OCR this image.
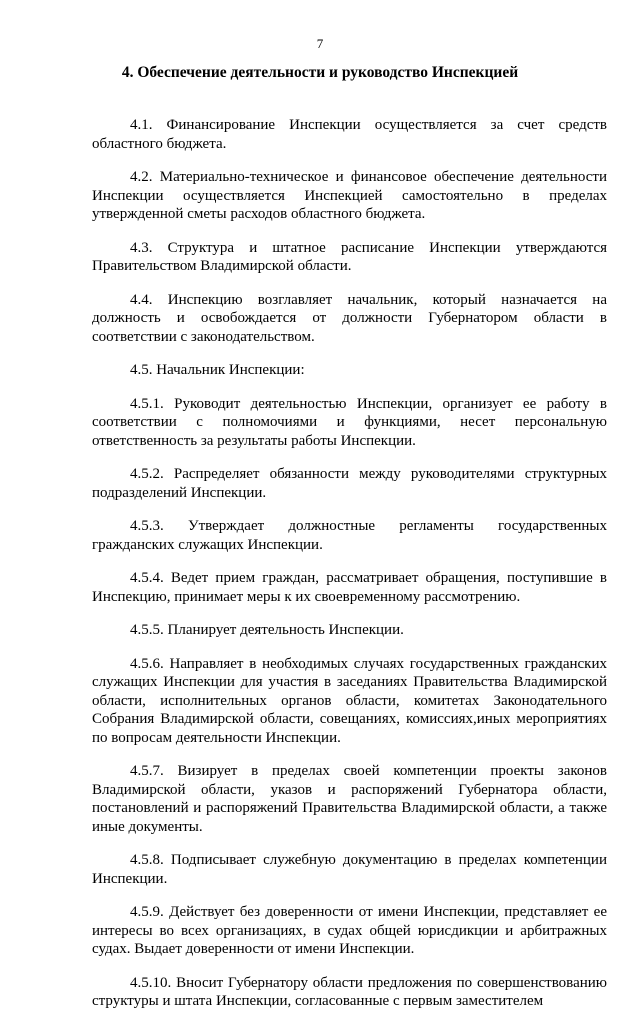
7
4. Обеспечение деятельности и руководство Инспекцией

4.1. Финансирование Инспекции осуществляется за счет средств областного бюджета.

4.2. Материально-техническое и финансовое обеспечение деятельности Инспекции осуществляется Инспекцией самостоятельно в пределах утвержденной сметы расходов областного бюджета.

4.3. Структура и штатное расписание Инспекции утверждаются Правительством Владимирской области.

4.4. Инспекцию возглавляет начальник, который назначается на должность и освобождается от должности Губернатором области в соответствии с законодательством.

4.5. Начальник Инспекции:

4.5.1. Руководит деятельностью Инспекции, организует ее работу в соответствии с полномочиями и функциями, несет персональную ответственность за результаты работы Инспекции.

4.5.2. Распределяет обязанности между руководителями структурных подразделений Инспекции.

4.5.3. Утверждает должностные регламенты государственных гражданских служащих Инспекции.

4.5.4. Ведет прием граждан, рассматривает обращения, поступившие в Инспекцию, принимает меры к их своевременному рассмотрению.

4.5.5. Планирует деятельность Инспекции.

4.5.6. Направляет в необходимых случаях государственных гражданских служащих Инспекции для участия в заседаниях Правительства Владимирской области, исполнительных органов области, комитетах Законодательного Собрания Владимирской области, совещаниях, комиссиях,иных мероприятиях по вопросам деятельности Инспекции.

4.5.7. Визирует в пределах своей компетенции проекты законов Владимирской области, указов и распоряжений Губернатора области, постановлений и распоряжений Правительства Владимирской области, а также иные документы.

4.5.8. Подписывает служебную документацию в пределах компетенции Инспекции.

4.5.9. Действует без доверенности от имени Инспекции, представляет ее интересы во всех организациях, в судах общей юрисдикции и арбитражных судах. Выдает доверенности от имени Инспекции.

4.5.10. Вносит Губернатору области предложения по совершенствованию структуры и штата Инспекции, согласованные с первым заместителем
